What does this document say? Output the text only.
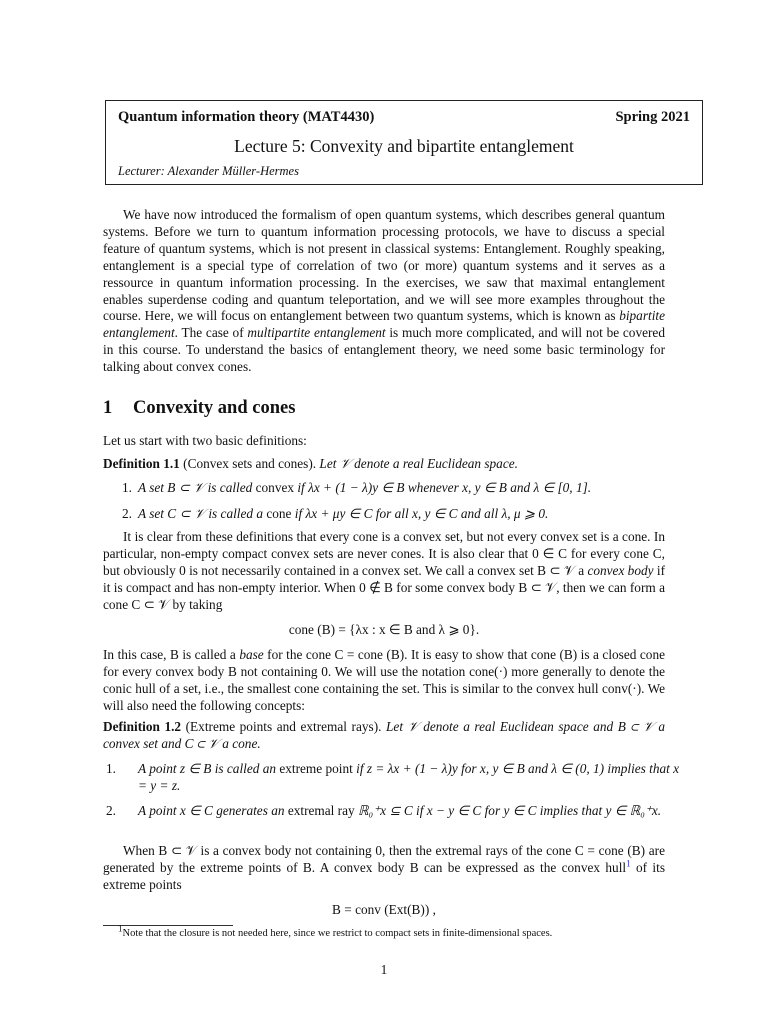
Quantum information theory (MAT4430)	Spring 2021
Lecture 5: Convexity and bipartite entanglement
Lecturer: Alexander Müller-Hermes

We have now introduced the formalism of open quantum systems, which describes general quantum systems. Before we turn to quantum information processing protocols, we have to discuss a special feature of quantum systems, which is not present in classical systems: Entanglement. Roughly speaking, entanglement is a special type of correlation of two (or more) quantum systems and it serves as a ressource in quantum information processing. In the exercises, we saw that maximal entanglement enables superdense coding and quantum teleportation, and we will see more examples throughout the course. Here, we will focus on entanglement between two quantum systems, which is known as bipartite entanglement. The case of multipartite entanglement is much more complicated, and will not be covered in this course. To understand the basics of entanglement theory, we need some basic terminology for talking about convex cones.

1 Convexity and cones

Let us start with two basic definitions:

Definition 1.1 (Convex sets and cones). Let 𝒱 denote a real Euclidean space.

1. A set B ⊂ 𝒱 is called convex if λx + (1 − λ)y ∈ B whenever x, y ∈ B and λ ∈ [0, 1].
2. A set C ⊂ 𝒱 is called a cone if λx + μy ∈ C for all x, y ∈ C and all λ, μ ⩾ 0.

It is clear from these definitions that every cone is a convex set, but not every convex set is a cone. In particular, non-empty compact convex sets are never cones. It is also clear that 0 ∈ C for every cone C, but obviously 0 is not necessarily contained in a convex set. We call a convex set B ⊂ 𝒱 a convex body if it is compact and has non-empty interior. When 0 ∉ B for some convex body B ⊂ 𝒱, then we can form a cone C ⊂ 𝒱 by taking

cone (B) = {λx : x ∈ B and λ ⩾ 0}.

In this case, B is called a base for the cone C = cone (B). It is easy to show that cone (B) is a closed cone for every convex body B not containing 0. We will use the notation cone(·) more generally to denote the conic hull of a set, i.e., the smallest cone containing the set. This is similar to the convex hull conv(·). We will also need the following concepts:

Definition 1.2 (Extreme points and extremal rays). Let 𝒱 denote a real Euclidean space and B ⊂ 𝒱 a convex set and C ⊂ 𝒱 a cone.

1. A point z ∈ B is called an extreme point if z = λx + (1 − λ)y for x, y ∈ B and λ ∈ (0, 1) implies that x = y = z.
2. A point x ∈ C generates an extremal ray ℝ₀⁺x ⊆ C if x − y ∈ C for y ∈ C implies that y ∈ ℝ₀⁺x.

When B ⊂ 𝒱 is a convex body not containing 0, then the extremal rays of the cone C = cone (B) are generated by the extreme points of B. A convex body B can be expressed as the convex hull$^1$ of its extreme points

B = conv (Ext(B)) ,
$^1$Note that the closure is not needed here, since we restrict to compact sets in finite-dimensional spaces.
1
